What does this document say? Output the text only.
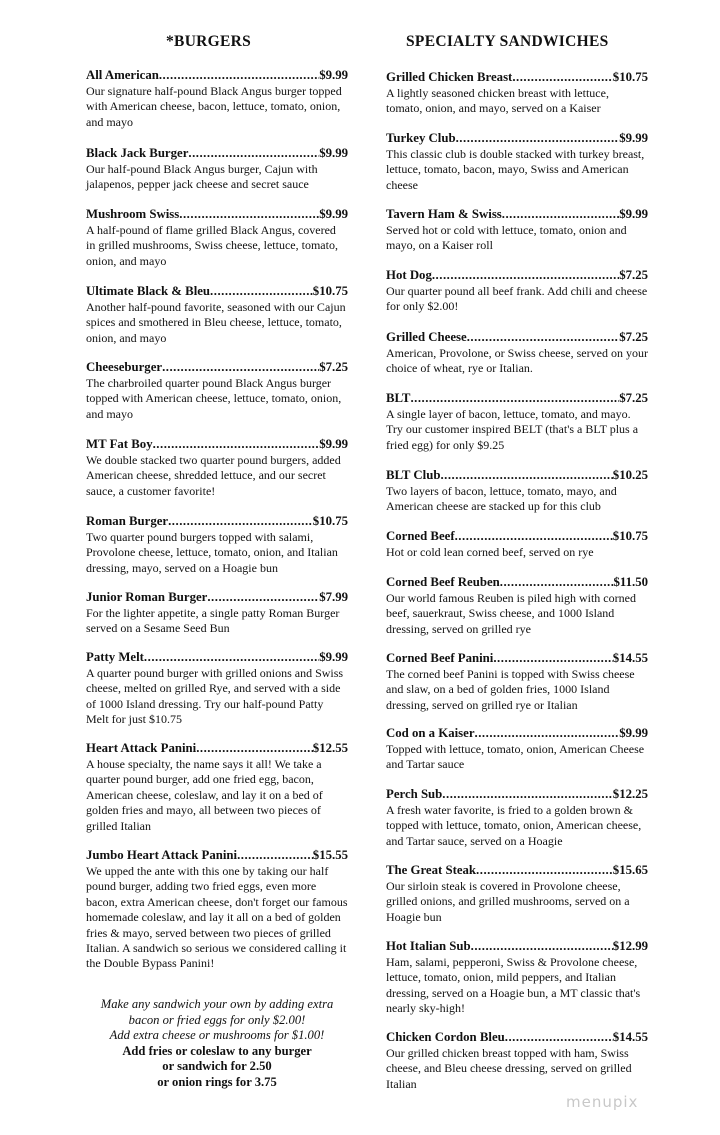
*BURGERS
All American .....	$9.99
Our signature half-pound Black Angus burger topped with American cheese, bacon, lettuce, tomato, onion, and mayo
Black Jack Burger .....	$9.99
Our half-pound Black Angus burger, Cajun with jalapenos, pepper jack cheese and secret sauce
Mushroom Swiss .....	$9.99
A half-pound of flame grilled Black Angus, covered in grilled mushrooms, Swiss cheese, lettuce, tomato, onion, and mayo
Ultimate Black & Bleu .....	$10.75
Another half-pound favorite, seasoned with our Cajun spices and smothered in Bleu cheese, lettuce, tomato, onion, and mayo
Cheeseburger .....	$7.25
The charbroiled quarter pound Black Angus burger topped with American cheese, lettuce, tomato, onion, and mayo
MT Fat Boy .....	$9.99
We double stacked two quarter pound burgers, added American cheese, shredded lettuce, and our secret sauce, a customer favorite!
Roman Burger .....	$10.75
Two quarter pound burgers topped with salami, Provolone cheese, lettuce, tomato, onion, and Italian dressing, mayo, served on a Hoagie bun
Junior Roman Burger .....	$7.99
For the lighter appetite, a single patty Roman Burger served on a Sesame Seed Bun
Patty Melt .....	$9.99
A quarter pound burger with grilled onions and Swiss cheese, melted on grilled Rye, and served with a side of 1000 Island dressing. Try our half-pound Patty Melt for just $10.75
Heart Attack Panini .....	$12.55
A house specialty, the name says it all! We take a quarter pound burger, add one fried egg, bacon, American cheese, coleslaw, and lay it on a bed of golden fries and mayo, all between two pieces of grilled Italian
Jumbo Heart Attack Panini .....	$15.55
We upped the ante with this one by taking our half pound burger, adding two fried eggs, even more bacon, extra American cheese, don't forget our famous homemade coleslaw, and lay it all on a bed of golden fries & mayo, served between two pieces of grilled Italian. A sandwich so serious we considered calling it the Double Bypass Panini!
Make any sandwich your own by adding extra bacon or fried eggs for only $2.00!
Add extra cheese or mushrooms for $1.00!
Add fries or coleslaw to any burger
or sandwich for 2.50
or onion rings for 3.75
SPECIALTY SANDWICHES
Grilled Chicken Breast .....	$10.75
A lightly seasoned chicken breast with lettuce, tomato, onion, and mayo, served on a Kaiser
Turkey Club .....	$9.99
This classic club is double stacked with turkey breast, lettuce, tomato, bacon, mayo, Swiss and American cheese
Tavern Ham & Swiss .....	$9.99
Served hot or cold with lettuce, tomato, onion and mayo, on a Kaiser roll
Hot Dog .....	$7.25
Our quarter pound all beef frank. Add chili and cheese for only $2.00!
Grilled Cheese .....	$7.25
American, Provolone, or Swiss cheese, served on your choice of wheat, rye or Italian.
BLT .....	$7.25
A single layer of bacon, lettuce, tomato, and mayo. Try our customer inspired BELT (that's a BLT plus a fried egg) for only $9.25
BLT Club .....	$10.25
Two layers of bacon, lettuce, tomato, mayo, and American cheese are stacked up for this club
Corned Beef .....	$10.75
Hot or cold lean corned beef, served on rye
Corned Beef Reuben .....	$11.50
Our world famous Reuben is piled high with corned beef, sauerkraut, Swiss cheese, and 1000 Island dressing, served on grilled rye
Corned Beef Panini .....	$14.55
The corned beef Panini is topped with Swiss cheese and slaw, on a bed of golden fries, 1000 Island dressing, served on grilled rye or Italian
Cod on a Kaiser .....	$9.99
Topped with lettuce, tomato, onion, American Cheese and Tartar sauce
Perch Sub .....	$12.25
A fresh water favorite, is fried to a golden brown & topped with lettuce, tomato, onion, American cheese, and Tartar sauce, served on a Hoagie
The Great Steak .....	$15.65
Our sirloin steak is covered in Provolone cheese, grilled onions, and grilled mushrooms, served on a Hoagie bun
Hot Italian Sub .....	$12.99
Ham, salami, pepperoni, Swiss & Provolone cheese, lettuce, tomato, onion, mild peppers, and Italian dressing, served on a Hoagie bun, a MT classic that's nearly sky-high!
Chicken Cordon Bleu .....	$14.55
Our grilled chicken breast topped with ham, Swiss cheese, and Bleu cheese dressing, served on grilled Italian
menupix
